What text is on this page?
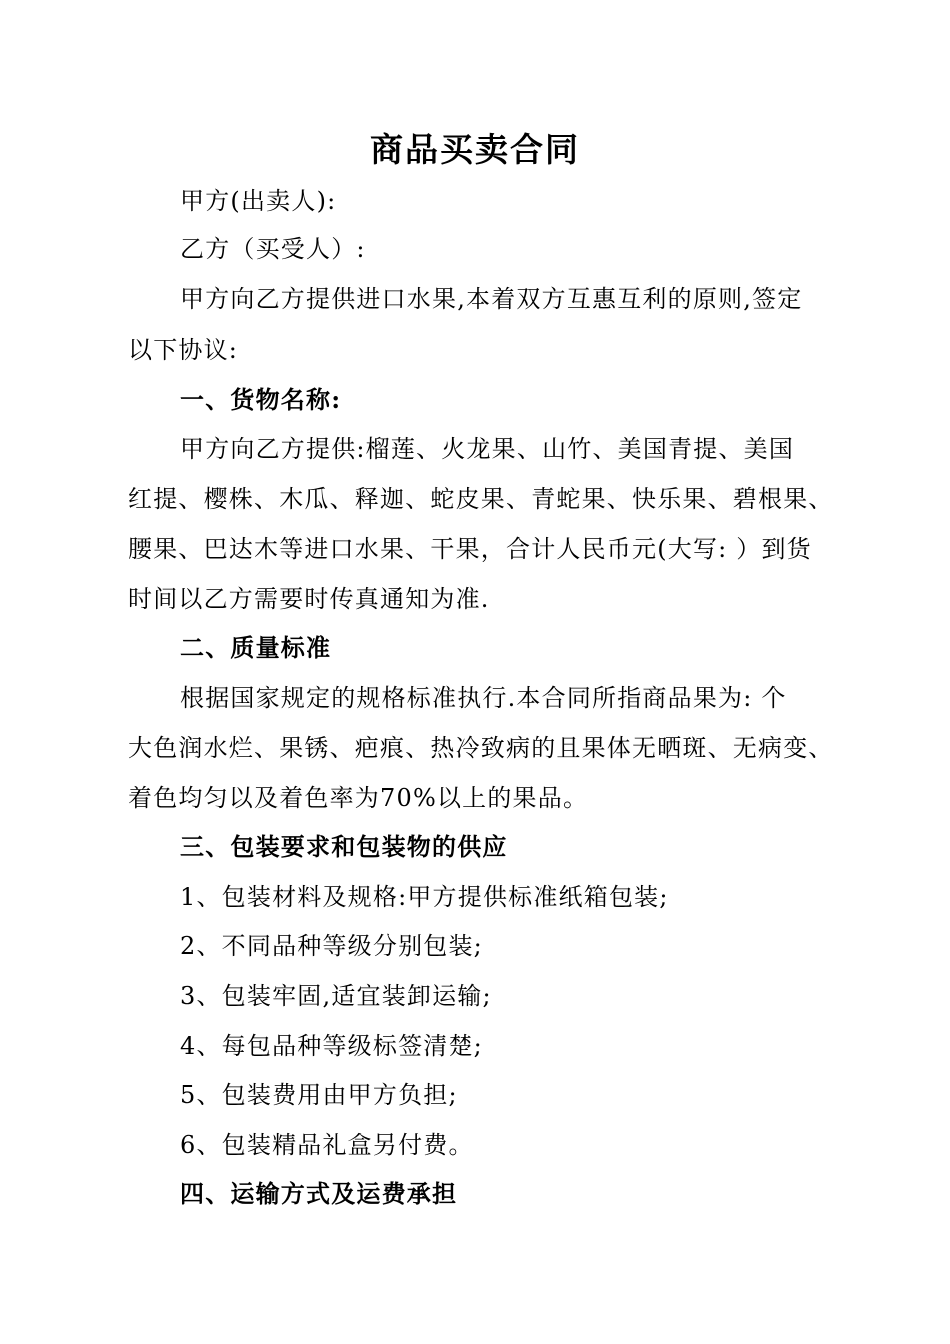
商品买卖合同
甲方(出卖人):
乙方（买受人）:
甲方向乙方提供进口水果,本着双方互惠互利的原则,签定
以下协议:
一、货物名称:
甲方向乙方提供:榴莲、火龙果、山竹、美国青提、美国
红提、樱株、木瓜、释迦、蛇皮果、青蛇果、快乐果、碧根果、
腰果、巴达木等进口水果、干果，合计人民币元(大写: ）到货
时间以乙方需要时传真通知为准.
二、质量标准
根据国家规定的规格标准执行.本合同所指商品果为: 个
大色润水烂、果锈、疤痕、热冷致病的且果体无晒斑、无病变、
着色均匀以及着色率为70%以上的果品。
三、包装要求和包装物的供应
1、包装材料及规格:甲方提供标准纸箱包装;
2、不同品种等级分别包装;
3、包装牢固,适宜装卸运输;
4、每包品种等级标签清楚;
5、包装费用由甲方负担;
6、包装精品礼盒另付费。
四、运输方式及运费承担
